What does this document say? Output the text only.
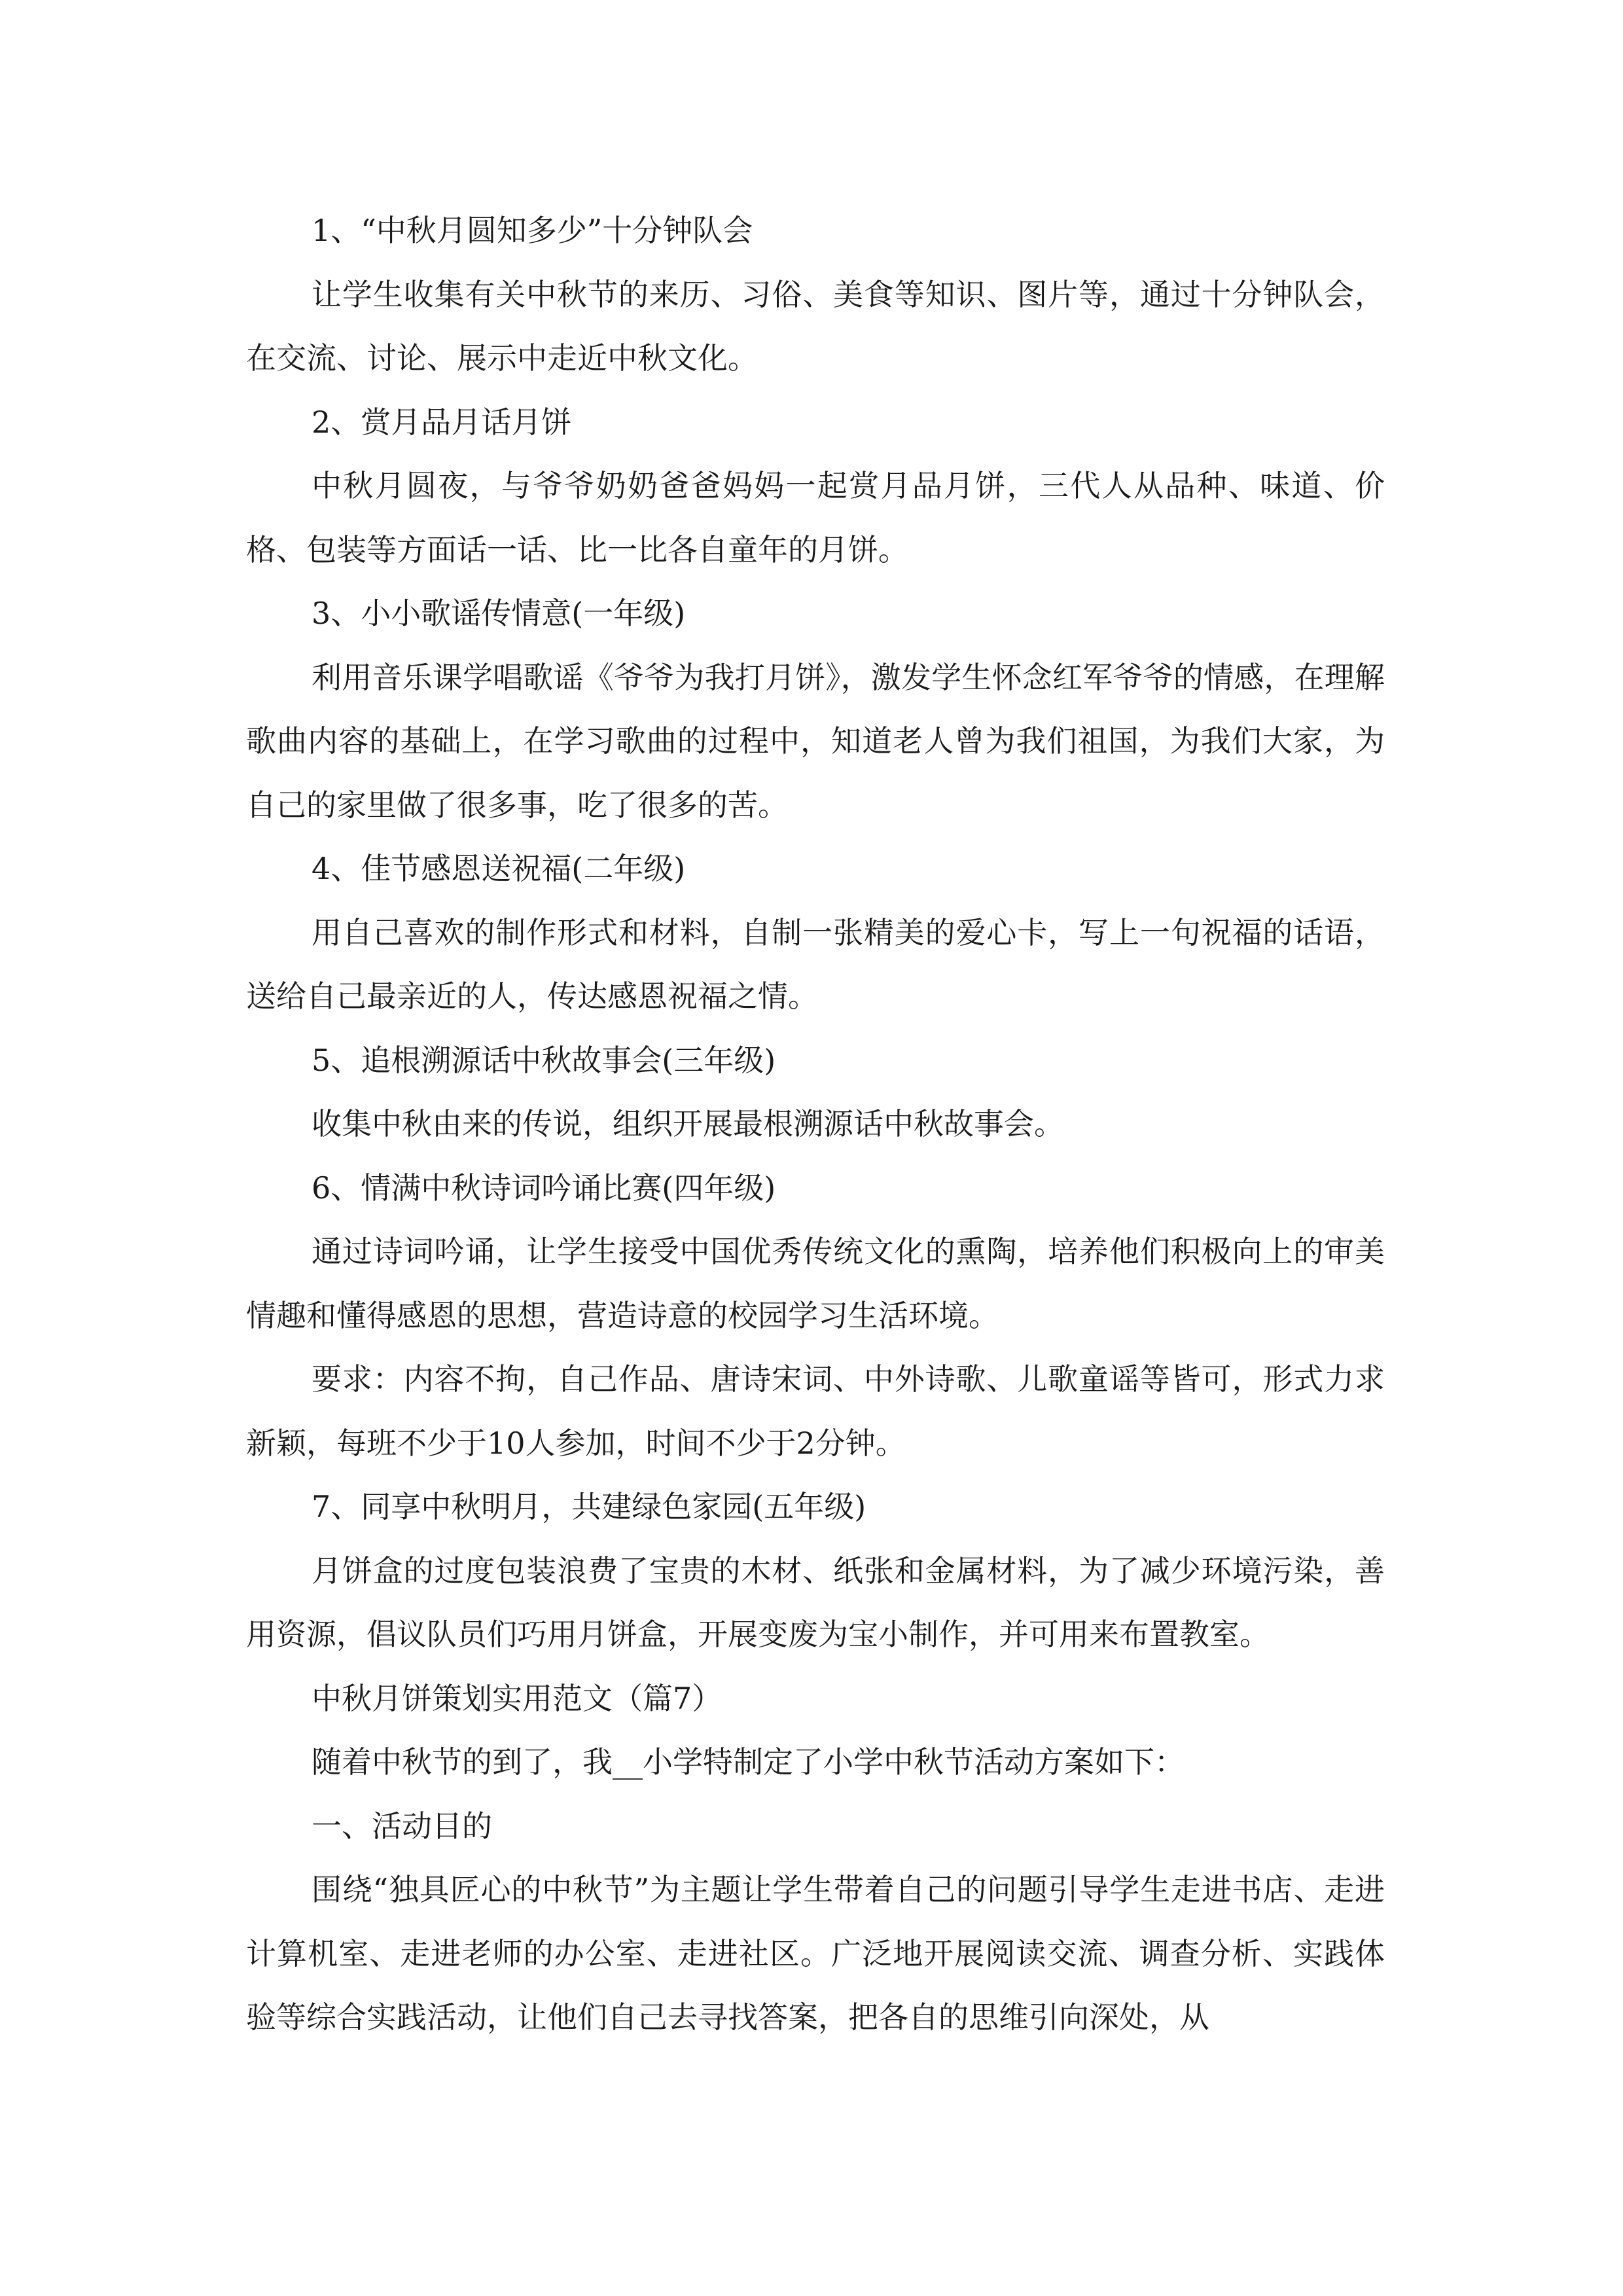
1、“中秋月圆知多少”十分钟队会

让学生收集有关中秋节的来历、习俗、美食等知识、图片等，通过十分钟队会，在交流、讨论、展示中走近中秋文化。

2、赏月品月话月饼

中秋月圆夜，与爷爷奶奶爸爸妈妈一起赏月品月饼，三代人从品种、味道、价格、包装等方面话一话、比一比各自童年的月饼。

3、小小歌谣传情意(一年级)

利用音乐课学唱歌谣《爷爷为我打月饼》，激发学生怀念红军爷爷的情感，在理解歌曲内容的基础上，在学习歌曲的过程中，知道老人曾为我们祖国，为我们大家，为自己的家里做了很多事，吃了很多的苦。

4、佳节感恩送祝福(二年级)

用自己喜欢的制作形式和材料，自制一张精美的爱心卡，写上一句祝福的话语，送给自己最亲近的人，传达感恩祝福之情。

5、追根溯源话中秋故事会(三年级)

收集中秋由来的传说，组织开展最根溯源话中秋故事会。

6、情满中秋诗词吟诵比赛(四年级)

通过诗词吟诵，让学生接受中国优秀传统文化的熏陶，培养他们积极向上的审美情趣和懂得感恩的思想，营造诗意的校园学习生活环境。

要求：内容不拘，自己作品、唐诗宋词、中外诗歌、儿歌童谣等皆可，形式力求新颖，每班不少于10人参加，时间不少于2分钟。

7、同享中秋明月，共建绿色家园(五年级)

月饼盒的过度包装浪费了宝贵的木材、纸张和金属材料，为了减少环境污染，善用资源，倡议队员们巧用月饼盒，开展变废为宝小制作，并可用来布置教室。

中秋月饼策划实用范文（篇7）

随着中秋节的到了，我__小学特制定了小学中秋节活动方案如下：

一、活动目的

围绕“独具匠心的中秋节”为主题让学生带着自己的问题引导学生走进书店、走进计算机室、走进老师的办公室、走进社区。广泛地开展阅读交流、调查分析、实践体验等综合实践活动，让他们自己去寻找答案，把各自的思维引向深处，从
